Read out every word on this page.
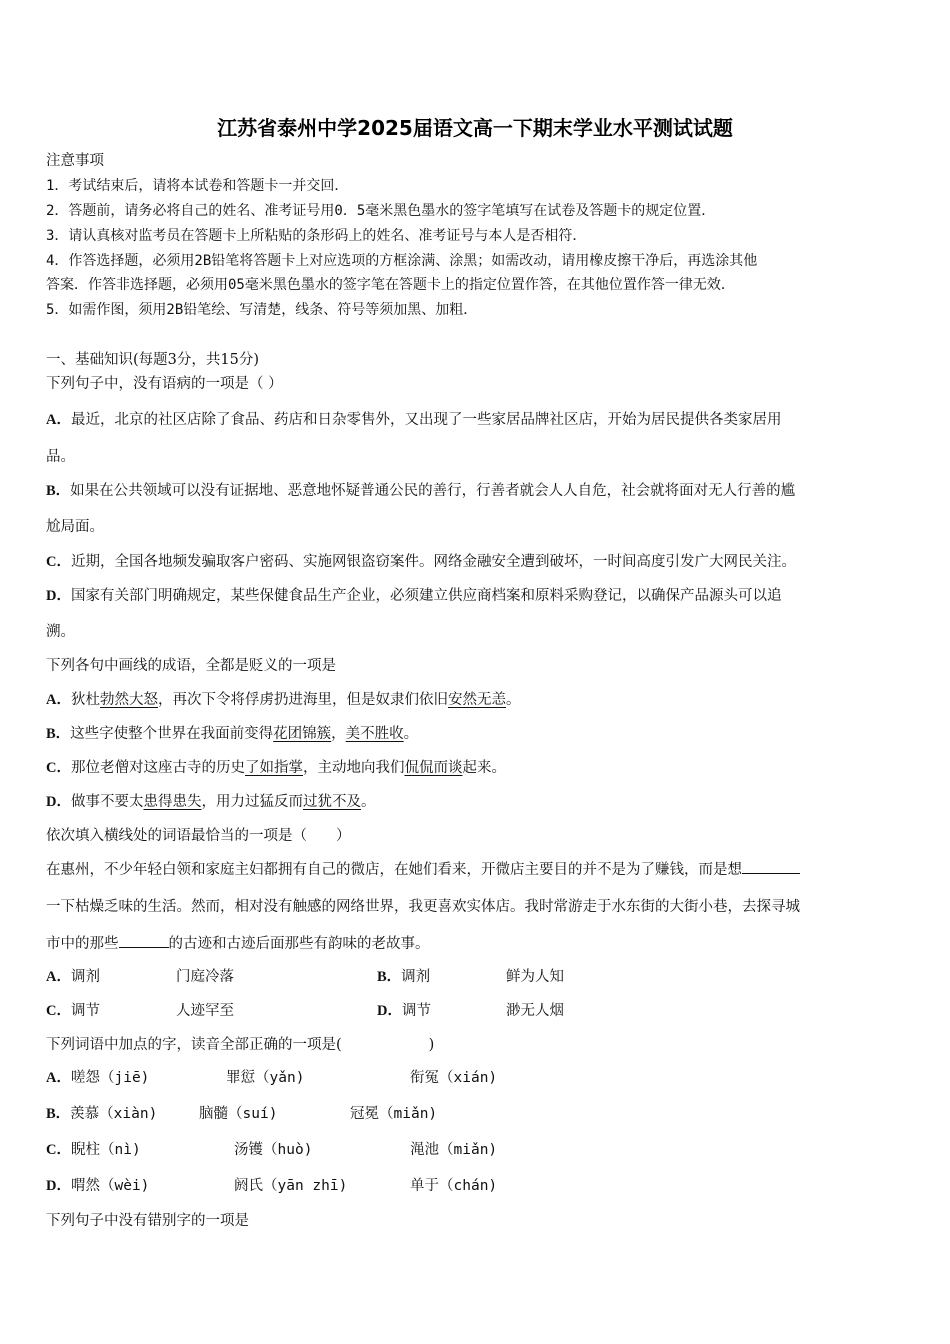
江苏省泰州中学2025届语文高一下期末学业水平测试试题
注意事项
1．考试结束后，请将本试卷和答题卡一并交回．
2．答题前，请务必将自己的姓名、准考证号用0．5毫米黑色墨水的签字笔填写在试卷及答题卡的规定位置．
3．请认真核对监考员在答题卡上所粘贴的条形码上的姓名、准考证号与本人是否相符．
4．作答选择题，必须用2B铅笔将答题卡上对应选项的方框涂满、涂黑；如需改动，请用橡皮擦干净后，再选涂其他
答案．作答非选择题，必须用05毫米黑色墨水的签字笔在答题卡上的指定位置作答，在其他位置作答一律无效．
5．如需作图，须用2B铅笔绘、写清楚，线条、符号等须加黑、加粗．
一、基础知识(每题3分，共15分)
下列句子中，没有语病的一项是（ ）
A．最近，北京的社区店除了食品、药店和日杂零售外，又出现了一些家居品牌社区店，开始为居民提供各类家居用
品。
B．如果在公共领域可以没有证据地、恶意地怀疑普通公民的善行，行善者就会人人自危，社会就将面对无人行善的尴
尬局面。
C．近期，全国各地频发骗取客户密码、实施网银盗窃案件。网络金融安全遭到破坏，一时间高度引发广大网民关注。
D．国家有关部门明确规定，某些保健食品生产企业，必须建立供应商档案和原料采购登记，以确保产品源头可以追
溯。
下列各句中画线的成语，全都是贬义的一项是
A．狄杜勃然大怒，再次下令将俘虏扔进海里，但是奴隶们依旧安然无恙。
B．这些字使整个世界在我面前变得花团锦簇，美不胜收。
C．那位老僧对这座古寺的历史了如指掌，主动地向我们侃侃而谈起来。
D．做事不要太患得患失，用力过猛反而过犹不及。
依次填入横线处的词语最恰当的一项是（　　）
在惠州，不少年轻白领和家庭主妇都拥有自己的微店，在她们看来，开微店主要目的并不是为了赚钱，而是想
一下枯燥乏味的生活。然而，相对没有触感的网络世界，我更喜欢实体店。我时常游走于水东街的大街小巷，去探寻城
市中的那些	的古迹和古迹后面那些有韵味的老故事。
A．调剂	门庭冷落	B．调剂	鲜为人知
C．调节	人迹罕至	D．调节	渺无人烟
下列词语中加点的字，读音全部正确的一项是(　　　　　　)
A．嗟怨（jiē)	罪愆（yǎn)	衔冤（xián)
B．羡慕（xiàn)	脑髓（suí)	冠冕（miǎn)
C．睨柱（nì)	汤镬（huò)	渑池（miǎn)
D．喟然（wèi)	阏氏（yān zhī)	单于（chán)
下列句子中没有错别字的一项是
